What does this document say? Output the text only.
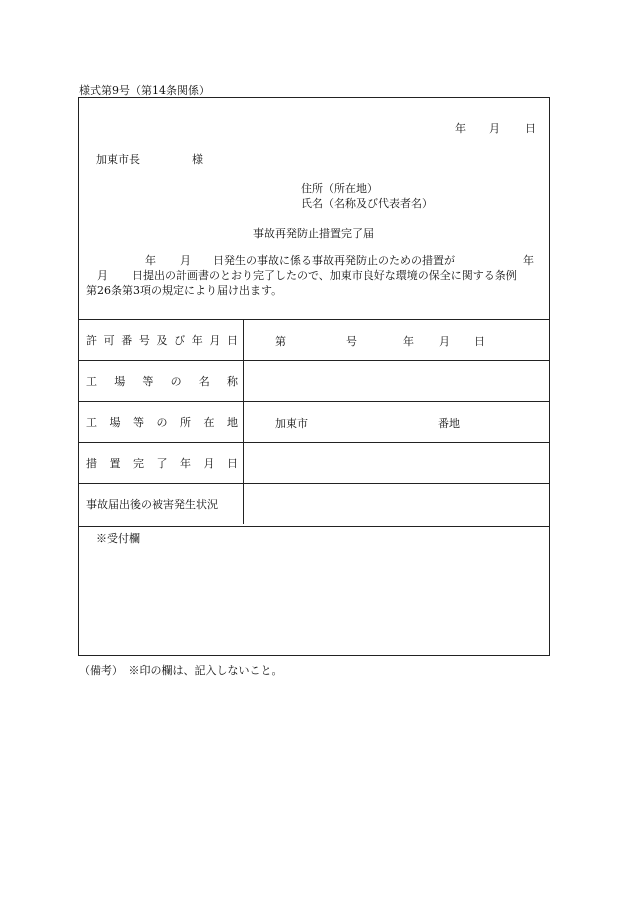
様式第9号（第14条関係）
年 月 日
加東市長	様
住所（所在地）
氏名（名称及び代表者名）
事故再発防止措置完了届
年 月 日発生の事故に係る事故再発防止のための措置が	年
月 日提出の計画書のとおり完了したので、加東市良好な環境の保全に関する条例
第26条第3項の規定により届け出ます。
許可番号及び年月日	第 号 年 月 日

工場等の名称	
工場等の所在地	加東市 番地

措置完了年月日	
事故届出後の被害発生状況	
※受付欄
（備考）　※印の欄は、記入しないこと。
